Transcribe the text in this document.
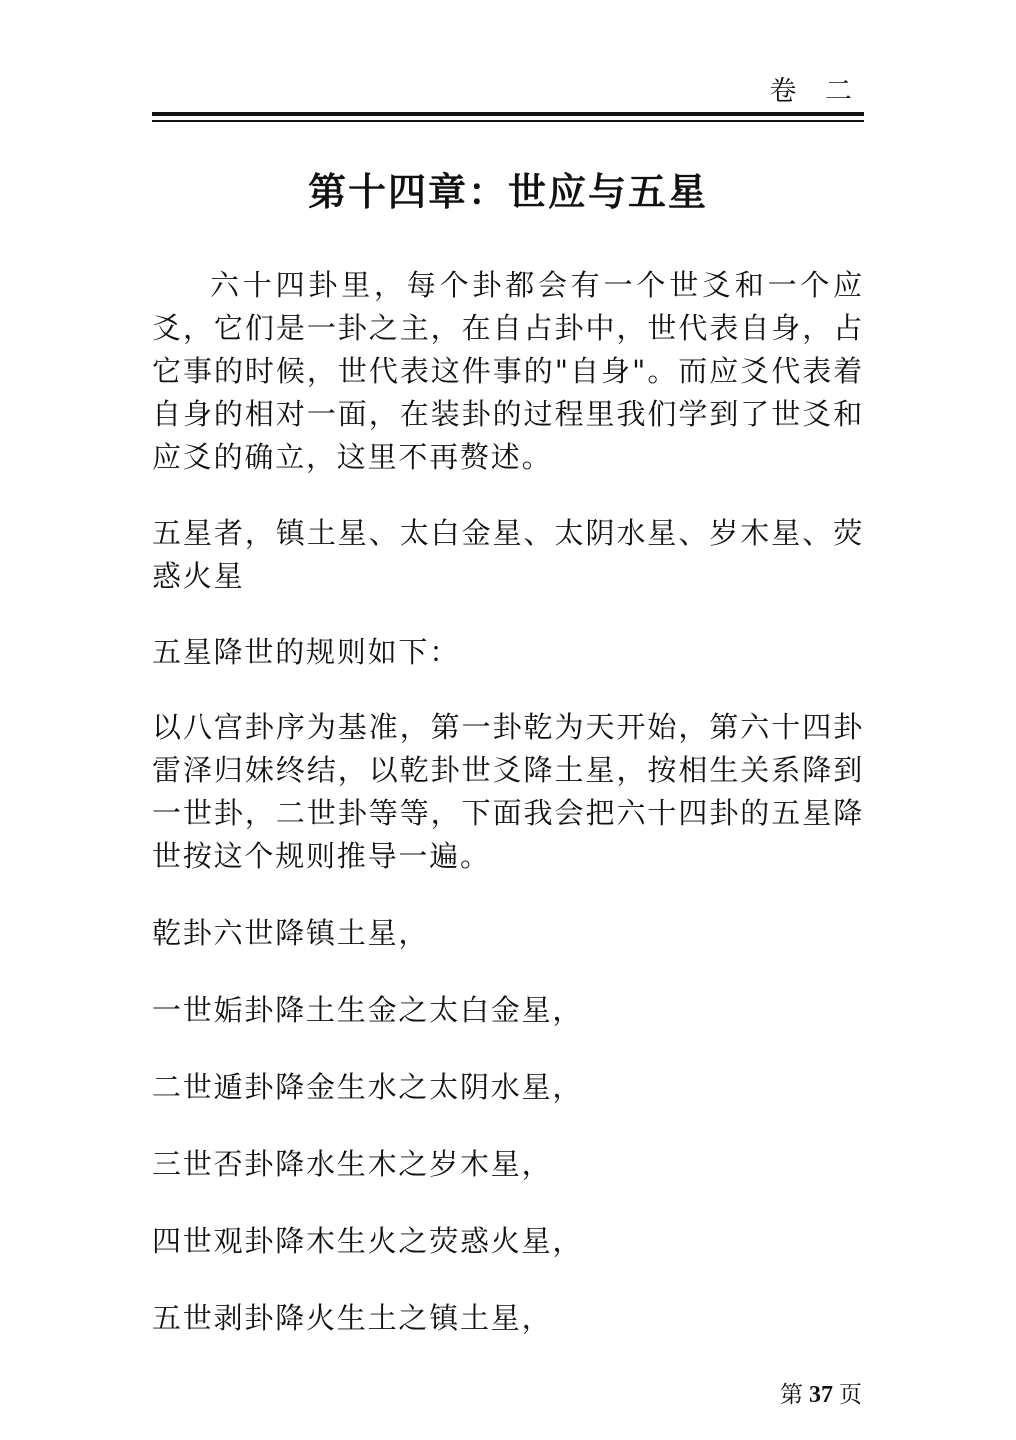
卷 二
第十四章：世应与五星

六十四卦里，每个卦都会有一个世爻和一个应爻，它们是一卦之主，在自占卦中，世代表自身，占它事的时候，世代表这件事的"自身"。而应爻代表着自身的相对一面，在装卦的过程里我们学到了世爻和应爻的确立，这里不再赘述。

五星者，镇土星、太白金星、太阴水星、岁木星、荧惑火星

五星降世的规则如下：

以八宫卦序为基准，第一卦乾为天开始，第六十四卦雷泽归妹终结，以乾卦世爻降土星，按相生关系降到一世卦，二世卦等等，下面我会把六十四卦的五星降世按这个规则推导一遍。

乾卦六世降镇土星，

一世姤卦降土生金之太白金星，

二世遁卦降金生水之太阴水星，

三世否卦降水生木之岁木星，

四世观卦降木生火之荧惑火星，

五世剥卦降火生土之镇土星，

第 37 页
